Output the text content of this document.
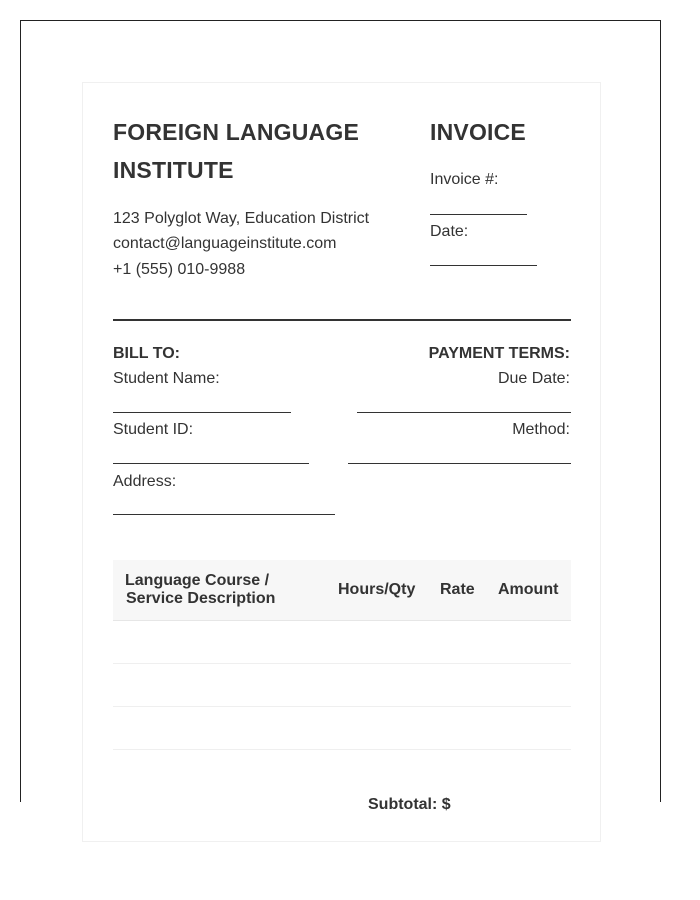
FOREIGN LANGUAGE
INSTITUTE
123 Polyglot Way, Education District
contact@languageinstitute.com
+1 (555) 010-9988
INVOICE
Invoice #:
Date:
BILL TO:
Student Name:
Student ID:
Address:
PAYMENT TERMS:
Due Date:
Method:
Language Course /
Service Description
Hours/Qty Rate Amount
Subtotal: $
